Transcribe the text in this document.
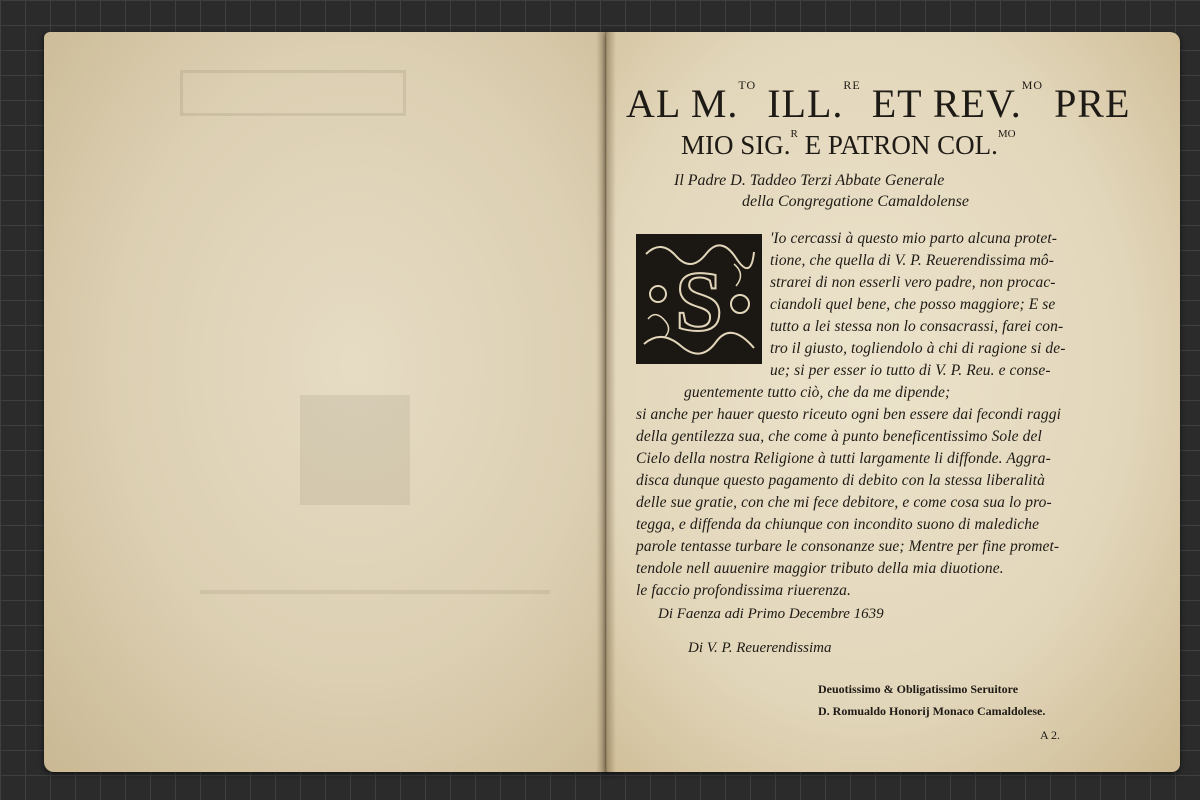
AL M.$^{TO}$ ILL.$^{RE}$ ET REV.$^{MO}$ PRE
MIO SIG.$^R$ E PATRON COL.$^{MO}$
Il Padre D. Taddeo Terzi Abbate Generale
della Congregatione Camaldolense
S
'Io cercassi à questo mio parto alcuna protet-
tione, che quella di V. P. Reuerendissima mô-
strarei di non esserli vero padre, non procac-
ciandoli quel bene, che posso maggiore; E se
tutto a lei stessa non lo consacrassi, farei con-
tro il giusto, togliendolo à chi di ragione si de-
ue; si per esser io tutto di V. P. Reu. e conse-
guentemente tutto ciò, che da me dipende;
si anche per hauer questo riceuto ogni ben essere dai fecondi raggi
della gentilezza sua, che come à punto beneficentissimo Sole del
Cielo della nostra Religione à tutti largamente li diffonde. Aggra-
disca dunque questo pagamento di debito con la stessa liberalità
delle sue gratie, con che mi fece debitore, e come cosa sua lo pro-
tegga, e diffenda da chiunque con incondito suono di malediche
parole tentasse turbare le consonanze sue; Mentre per fine promet-
tendole nell auuenire maggior tributo della mia diuotione.
le faccio profondissima riuerenza.
Di Faenza adi Primo Decembre 1639
Di V. P. Reuerendissima
Deuotissimo & Obligatissimo Seruitore
D. Romualdo Honorij Monaco Camaldolese.
A 2.
